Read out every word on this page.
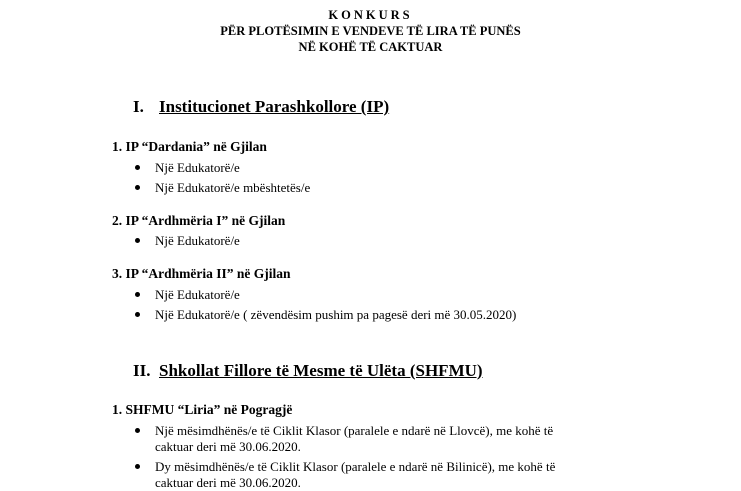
KONKURS
PËR PLOTËSIMIN E VENDEVE TË LIRA TË PUNËS
NË KOHË TË CAKTUAR
I. Institucionet Parashkollore (IP)
1. IP “Dardania” në Gjilan
Një Edukatorë/e
Një Edukatorë/e mbështetës/e
2. IP “Ardhmëria I” në Gjilan
Një Edukatorë/e
3. IP “Ardhmëria II” në Gjilan
Një Edukatorë/e
Një Edukatorë/e ( zëvendësim pushim pa pagesë deri më 30.05.2020)
II. Shkollat Fillore të Mesme të Ulëta (SHFMU)
1. SHFMU “Liria” në Pogragjë
Një mësimdhënës/e të Ciklit Klasor (paralele e ndarë në Llovcë), me kohë të
caktuar deri më 30.06.2020.
Dy mësimdhënës/e të Ciklit Klasor (paralele e ndarë në Bilinicë), me kohë të
caktuar deri më 30.06.2020.
